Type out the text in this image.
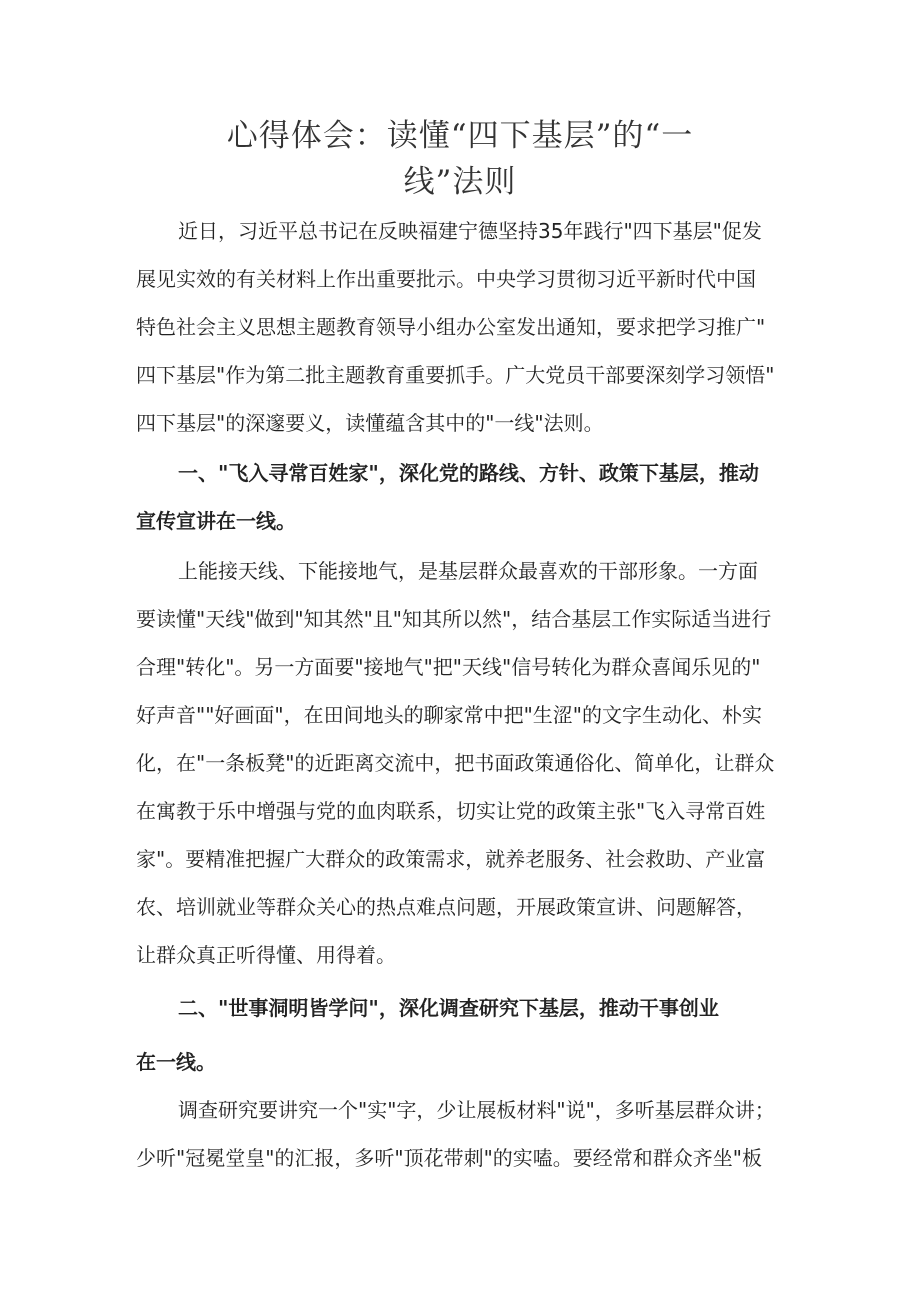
心得体会：读懂“四下基层”的“一
线”法则

近日，习近平总书记在反映福建宁德坚持35年践行"四下基层"促发

展见实效的有关材料上作出重要批示。中央学习贯彻习近平新时代中国

特色社会主义思想主题教育领导小组办公室发出通知，要求把学习推广"

四下基层"作为第二批主题教育重要抓手。广大党员干部要深刻学习领悟"

四下基层"的深邃要义，读懂蕴含其中的"一线"法则。

一、"飞入寻常百姓家"，深化党的路线、方针、政策下基层，推动

宣传宣讲在一线。

上能接天线、下能接地气，是基层群众最喜欢的干部形象。一方面

要读懂"天线"做到"知其然"且"知其所以然"，结合基层工作实际适当进行

合理"转化"。另一方面要"接地气"把"天线"信号转化为群众喜闻乐见的"

好声音""好画面"，在田间地头的聊家常中把"生涩"的文字生动化、朴实

化，在"一条板凳"的近距离交流中，把书面政策通俗化、简单化，让群众

在寓教于乐中增强与党的血肉联系，切实让党的政策主张"飞入寻常百姓

家"。要精准把握广大群众的政策需求，就养老服务、社会救助、产业富

农、培训就业等群众关心的热点难点问题，开展政策宣讲、问题解答，

让群众真正听得懂、用得着。

二、"世事洞明皆学问"，深化调查研究下基层，推动干事创业

在一线。

调查研究要讲究一个"实"字，少让展板材料"说"，多听基层群众讲；

少听"冠冕堂皇"的汇报，多听"顶花带刺"的实嗑。要经常和群众齐坐"板
